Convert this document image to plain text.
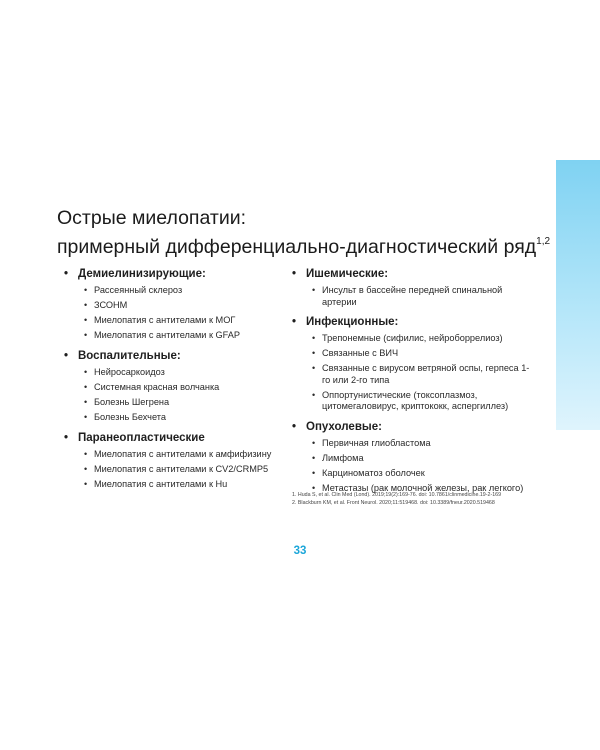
Острые миелопатии:
примерный дифференциально-диагностический ряд$^{1,2}$
• Демиелинизирующие:
• Рассеянный склероз
• ЗСОНМ
• Миелопатия с антителами к МОГ
• Миелопатия с антителами к GFAP
• Воспалительные:
• Нейросаркоидоз
• Системная красная волчанка
• Болезнь Шегрена
• Болезнь Бехчета
• Паранеопластические
• Миелопатия с антителами к амфифизину
• Миелопатия с антителами к CV2/CRMP5
• Миелопатия с антителами к Hu
• Ишемические:
• Инсульт в бассейне передней спинальной артерии
• Инфекционные:
• Трепонемные (сифилис, нейроборрелиоз)
• Связанные с ВИЧ
• Связанные с вирусом ветряной оспы, герпеса 1-го или 2-го типа
• Оппортунистические (токсоплазмоз, цитомегаловирус, криптококк, аспергиллез)
• Опухолевые:
• Первичная глиобластома
• Лимфома
• Карциноматоз оболочек
• Метастазы (рак молочной железы, рак легкого)
1. Huda S, et al. Clin Med (Lond). 2019;19(2):169-76. doi: 10.7861/clinmedicine.19-2-169
2. Blackburn KM, et al. Front Neurol. 2020;11:519468. doi: 10.3389/fneur.2020.519468
33
